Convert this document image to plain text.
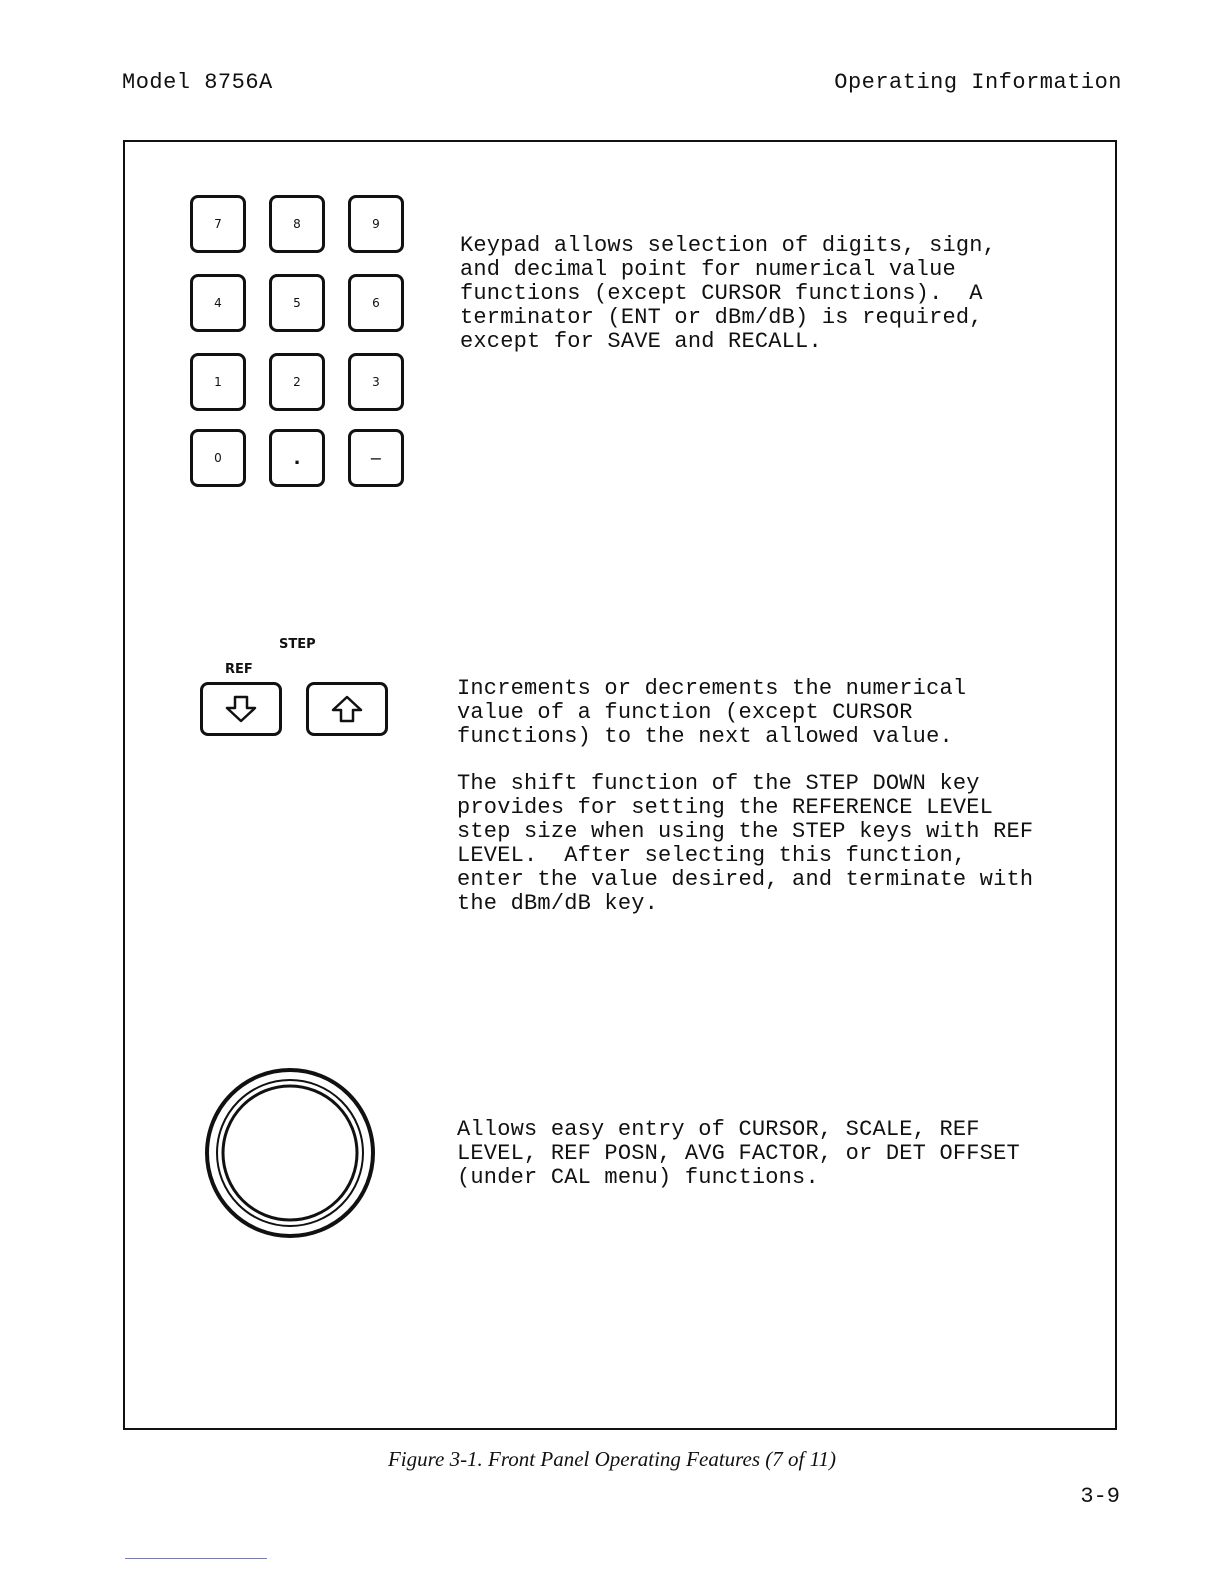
Model 8756A	Operating Information
7	8	9
4	5	6
1	2	3
0	.	−
Keypad allows selection of digits, sign,
and decimal point for numerical value
functions (except CURSOR functions).  A
terminator (ENT or dBm/dB) is required,
except for SAVE and RECALL.
STEP
REF
Increments or decrements the numerical
value of a function (except CURSOR
functions) to the next allowed value.
The shift function of the STEP DOWN key
provides for setting the REFERENCE LEVEL
step size when using the STEP keys with REF
LEVEL.  After selecting this function,
enter the value desired, and terminate with
the dBm/dB key.
Allows easy entry of CURSOR, SCALE, REF
LEVEL, REF POSN, AVG FACTOR, or DET OFFSET
(under CAL menu) functions.
Figure 3-1. Front Panel Operating Features (7 of 11)
3-9
